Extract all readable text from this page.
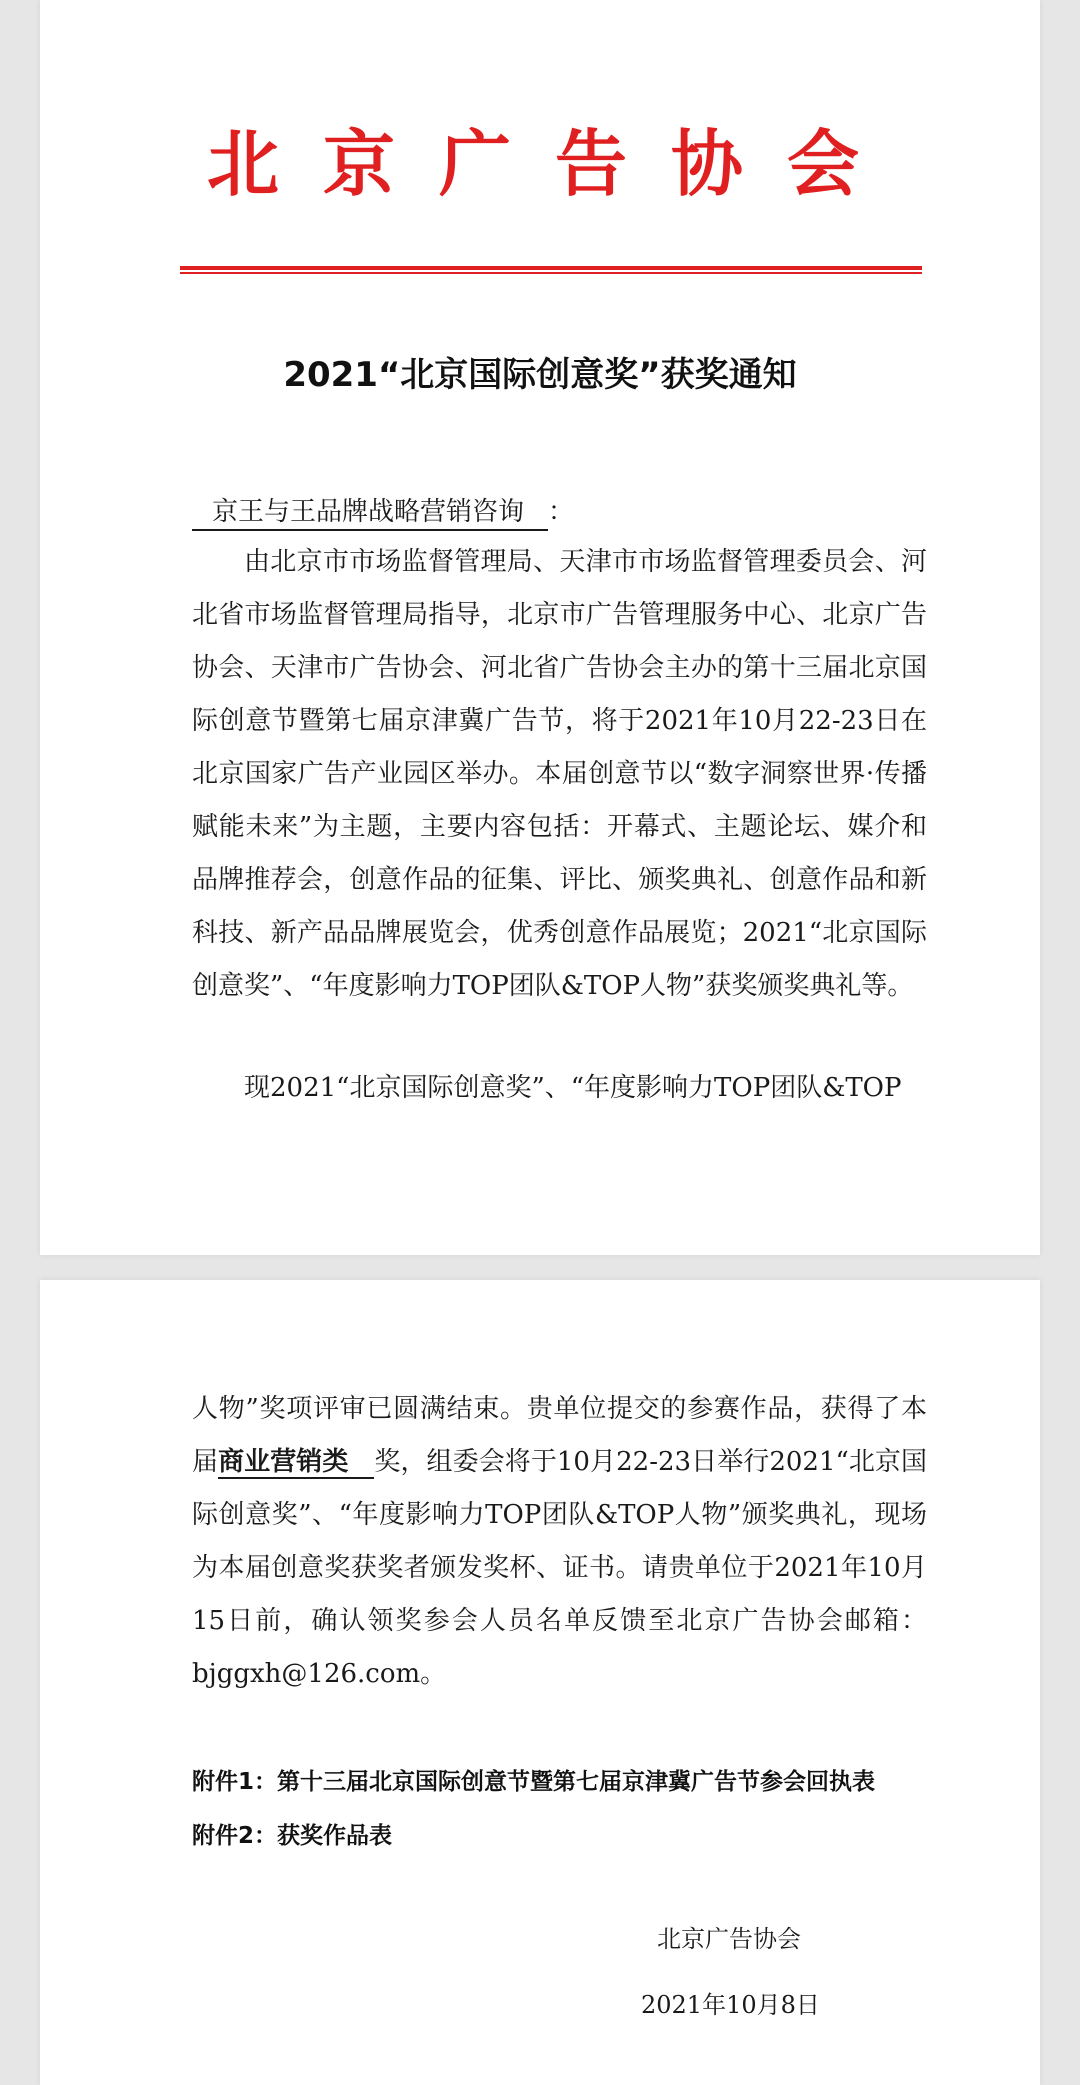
北京广告协会
2021“北京国际创意奖”获奖通知
京王与王品牌战略营销咨询 ：
由北京市市场监督管理局、天津市市场监督管理委员会、河北省市场监督管理局指导，北京市广告管理服务中心、北京广告协会、天津市广告协会、河北省广告协会主办的第十三届北京国际创意节暨第七届京津冀广告节，将于2021年10月22-23日在北京国家广告产业园区举办。本届创意节以“数字洞察世界·传播赋能未来”为主题，主要内容包括：开幕式、主题论坛、媒介和品牌推荐会，创意作品的征集、评比、颁奖典礼、创意作品和新科技、新产品品牌展览会，优秀创意作品展览；2021“北京国际创意奖”、“年度影响力TOP团队&TOP人物”获奖颁奖典礼等。
现2021“北京国际创意奖”、“年度影响力TOP团队&TOP
人物”奖项评审已圆满结束。贵单位提交的参赛作品，获得了本届商业营销类 奖，组委会将于10月22-23日举行2021“北京国际创意奖”、“年度影响力TOP团队&TOP人物”颁奖典礼，现场为本届创意奖获奖者颁发奖杯、证书。请贵单位于2021年10月15日前，确认领奖参会人员名单反馈至北京广告协会邮箱：bjggxh@126.com。
附件1：第十三届北京国际创意节暨第七届京津冀广告节参会回执表
附件2：获奖作品表
北京广告协会
2021年10月8日
